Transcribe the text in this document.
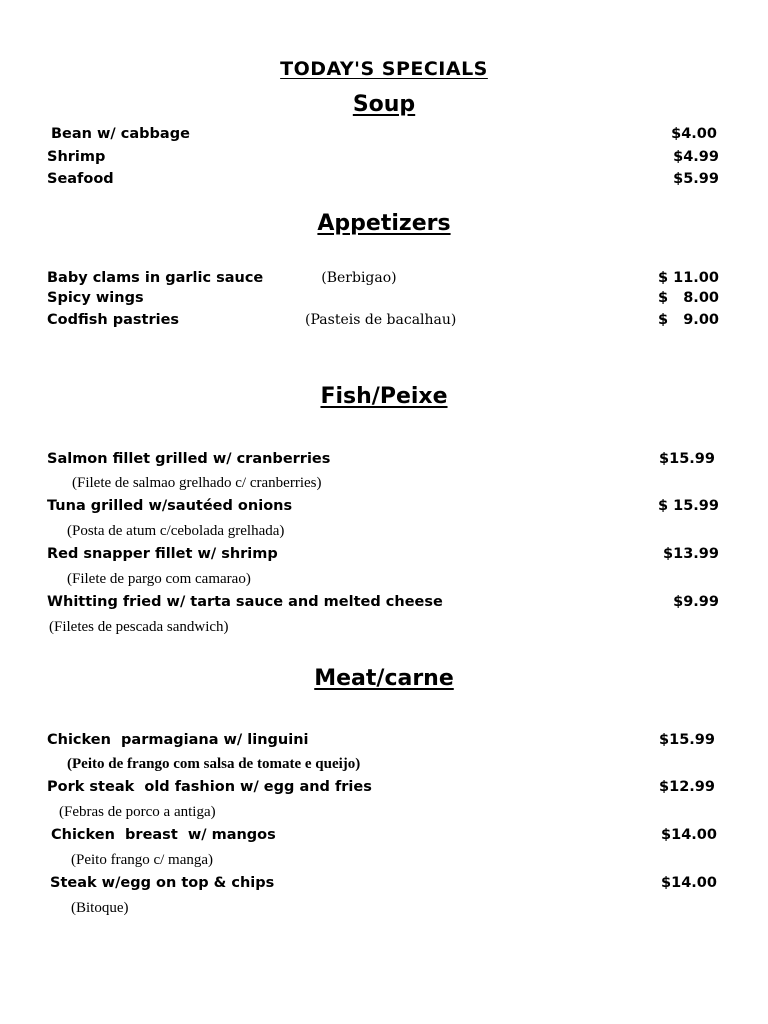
TODAY'S SPECIALS
Soup
Bean w/ cabbage	$4.00
Shrimp	$4.99
Seafood	$5.99
Appetizers
Baby clams in garlic sauce	(Berbigao)	$ 11.00
Spicy wings	$   8.00
Codfish pastries	(Pasteis de bacalhau)	$   9.00
Fish/Peixe
Salmon fillet grilled w/ cranberries	$15.99
(Filete de salmao grelhado c/ cranberries)
Tuna grilled w/sautéed onions	$ 15.99
(Posta de atum c/cebolada grelhada)
Red snapper fillet w/ shrimp	$13.99
(Filete de pargo com camarao)
Whitting fried w/ tarta sauce and melted cheese	$9.99
(Filetes de pescada sandwich)
Meat/carne
Chicken  parmagiana w/ linguini	$15.99
(Peito de frango com salsa de tomate e queijo)
Pork steak  old fashion w/ egg and fries	$12.99
(Febras de porco a antiga)
Chicken  breast  w/ mangos	$14.00
(Peito frango c/ manga)
Steak w/egg on top & chips	$14.00
(Bitoque)
